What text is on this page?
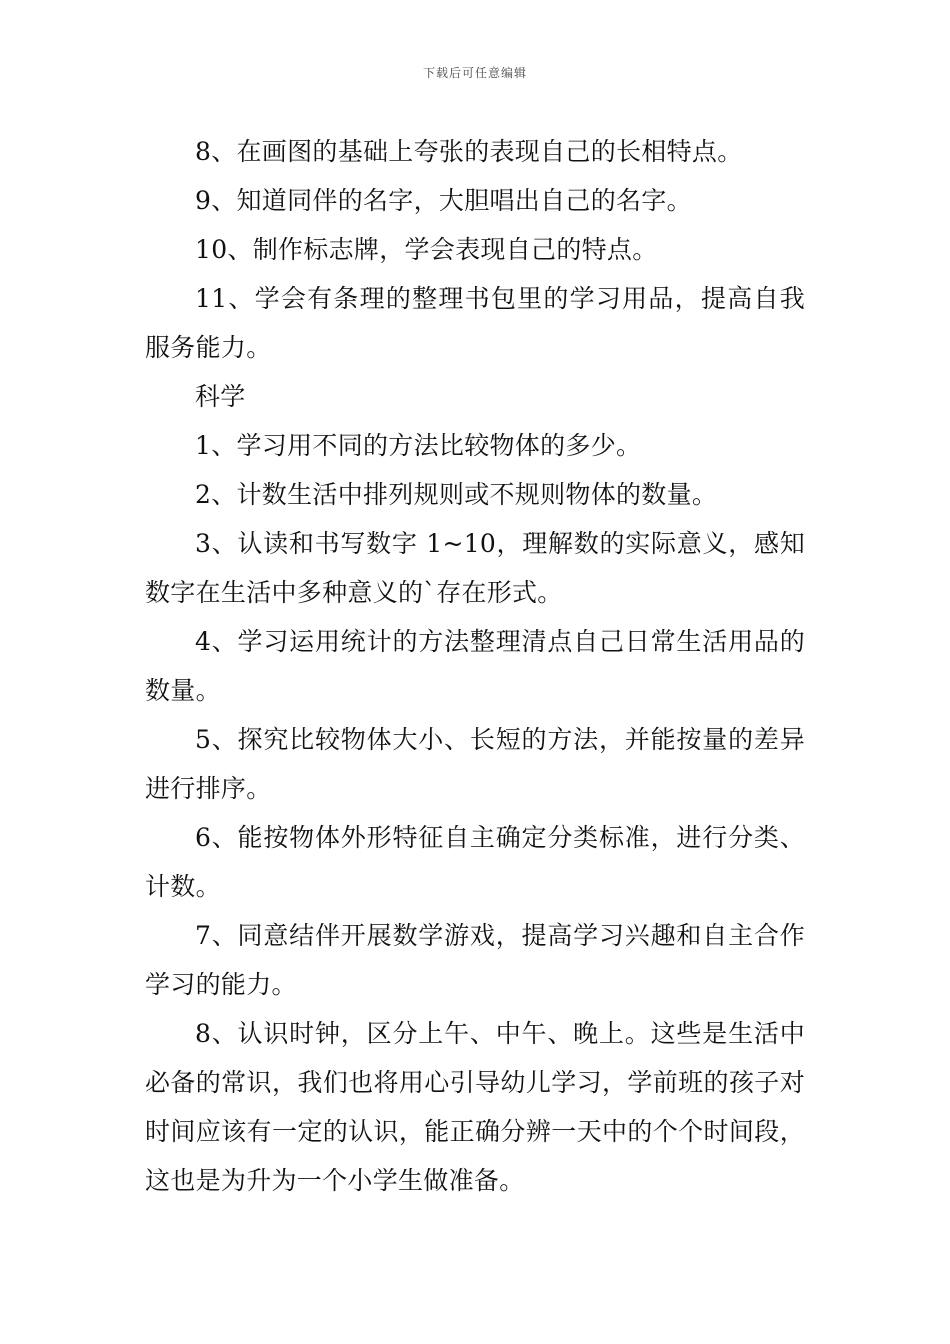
下载后可任意编辑

8、在画图的基础上夸张的表现自己的长相特点。

9、知道同伴的名字，大胆唱出自己的名字。

10、制作标志牌，学会表现自己的特点。

11、学会有条理的整理书包里的学习用品，提高自我服务能力。

科学

1、学习用不同的方法比较物体的多少。

2、计数生活中排列规则或不规则物体的数量。

3、认读和书写数字 1~10，理解数的实际意义，感知数字在生活中多种意义的`存在形式。

4、学习运用统计的方法整理清点自己日常生活用品的数量。

5、探究比较物体大小、长短的方法，并能按量的差异进行排序。

6、能按物体外形特征自主确定分类标准，进行分类、计数。

7、同意结伴开展数学游戏，提高学习兴趣和自主合作学习的能力。

8、认识时钟，区分上午、中午、晚上。这些是生活中必备的常识，我们也将用心引导幼儿学习，学前班的孩子对时间应该有一定的认识，能正确分辨一天中的个个时间段，这也是为升为一个小学生做准备。
